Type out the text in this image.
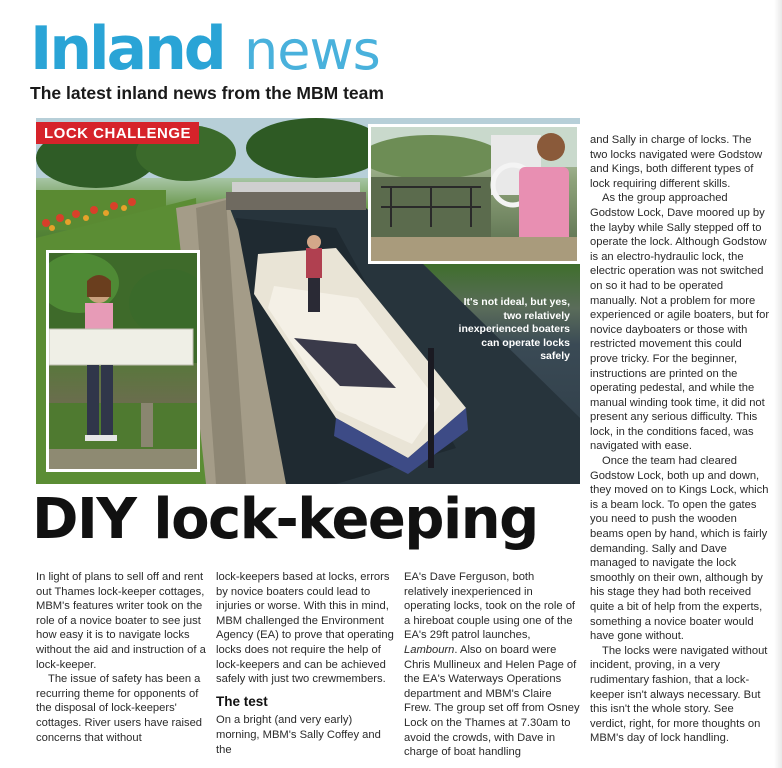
Inland news
The latest inland news from the MBM team
LOCK CHALLENGE
It's not ideal, but yes, two relatively inexperienced boaters can operate locks safely
DIY lock-keeping

In light of plans to sell off and rent out Thames lock-keeper cottages, MBM's features writer took on the role of a novice boater to see just how easy it is to navigate locks without the aid and instruction of a lock-keeper.

The issue of safety has been a recurring theme for opponents of the disposal of lock-keepers' cottages. River users have raised concerns that without

lock-keepers based at locks, errors by novice boaters could lead to injuries or worse. With this in mind, MBM challenged the Environment Agency (EA) to prove that operating locks does not require the help of lock-keepers and can be achieved safely with just two crewmembers.

The test

On a bright (and very early) morning, MBM's Sally Coffey and the

EA's Dave Ferguson, both relatively inexperienced in operating locks, took on the role of a hireboat couple using one of the EA's 29ft patrol launches, Lambourn. Also on board were Chris Mullineux and Helen Page of the EA's Waterways Operations department and MBM's Claire Frew. The group set off from Osney Lock on the Thames at 7.30am to avoid the crowds, with Dave in charge of boat handling

and Sally in charge of locks. The two locks navigated were Godstow and Kings, both different types of lock requiring different skills.

As the group approached Godstow Lock, Dave moored up by the layby while Sally stepped off to operate the lock. Although Godstow is an electro-hydraulic lock, the electric operation was not switched on so it had to be operated manually. Not a problem for more experienced or agile boaters, but for novice dayboaters or those with restricted movement this could prove tricky. For the beginner, instructions are printed on the operating pedestal, and while the manual winding took time, it did not present any serious difficulty. This lock, in the conditions faced, was navigated with ease.

Once the team had cleared Godstow Lock, both up and down, they moved on to Kings Lock, which is a beam lock. To open the gates you need to push the wooden beams open by hand, which is fairly demanding. Sally and Dave managed to navigate the lock smoothly on their own, although by his stage they had both received quite a bit of help from the experts, something a novice boater would have gone without.

The locks were navigated without incident, proving, in a very rudimentary fashion, that a lock-keeper isn't always necessary. But this isn't the whole story. See verdict, right, for more thoughts on MBM's day of lock handling.
